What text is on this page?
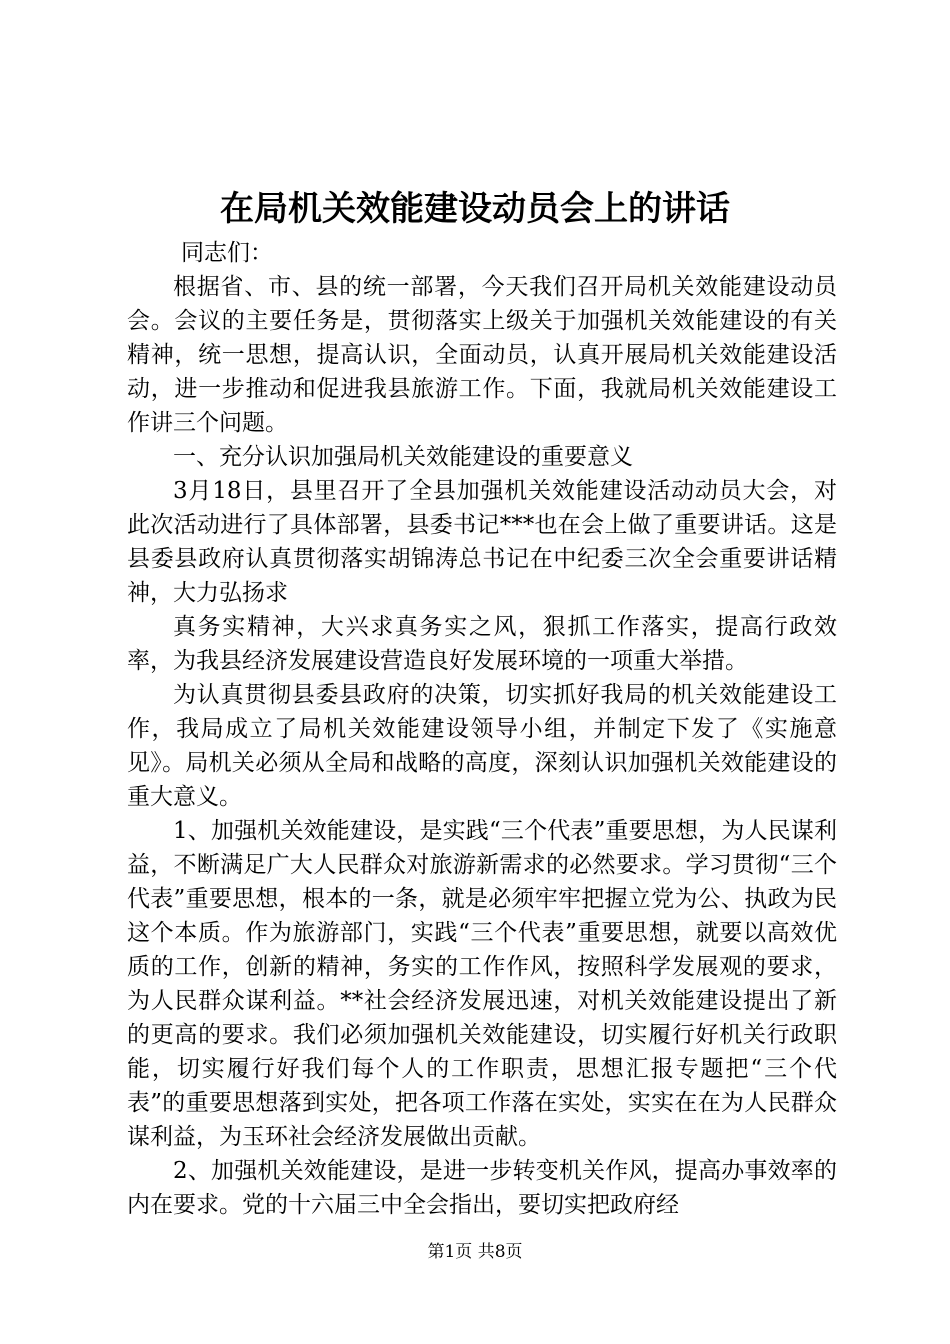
在局机关效能建设动员会上的讲话

同志们：

根据省、市、县的统一部署，今天我们召开局机关效能建设动员会。会议的主要任务是，贯彻落实上级关于加强机关效能建设的有关精神，统一思想，提高认识，全面动员，认真开展局机关效能建设活动，进一步推动和促进我县旅游工作。下面，我就局机关效能建设工作讲三个问题。

一、充分认识加强局机关效能建设的重要意义

3月18日，县里召开了全县加强机关效能建设活动动员大会，对此次活动进行了具体部署，县委书记***也在会上做了重要讲话。这是县委县政府认真贯彻落实胡锦涛总书记在中纪委三次全会重要讲话精神，大力弘扬求

真务实精神，大兴求真务实之风，狠抓工作落实，提高行政效率，为我县经济发展建设营造良好发展环境的一项重大举措。

为认真贯彻县委县政府的决策，切实抓好我局的机关效能建设工作，我局成立了局机关效能建设领导小组，并制定下发了《实施意见》。局机关必须从全局和战略的高度，深刻认识加强机关效能建设的重大意义。

1、加强机关效能建设，是实践“三个代表”重要思想，为人民谋利益，不断满足广大人民群众对旅游新需求的必然要求。学习贯彻“三个代表”重要思想，根本的一条，就是必须牢牢把握立党为公、执政为民这个本质。作为旅游部门，实践“三个代表”重要思想，就要以高效优质的工作，创新的精神，务实的工作作风，按照科学发展观的要求，为人民群众谋利益。**社会经济发展迅速，对机关效能建设提出了新的更高的要求。我们必须加强机关效能建设，切实履行好机关行政职能，切实履行好我们每个人的工作职责，思想汇报专题把“三个代表”的重要思想落到实处，把各项工作落在实处，实实在在为人民群众谋利益，为玉环社会经济发展做出贡献。

2、加强机关效能建设，是进一步转变机关作风，提高办事效率的内在要求。党的十六届三中全会指出，要切实把政府经

第1页 共8页
